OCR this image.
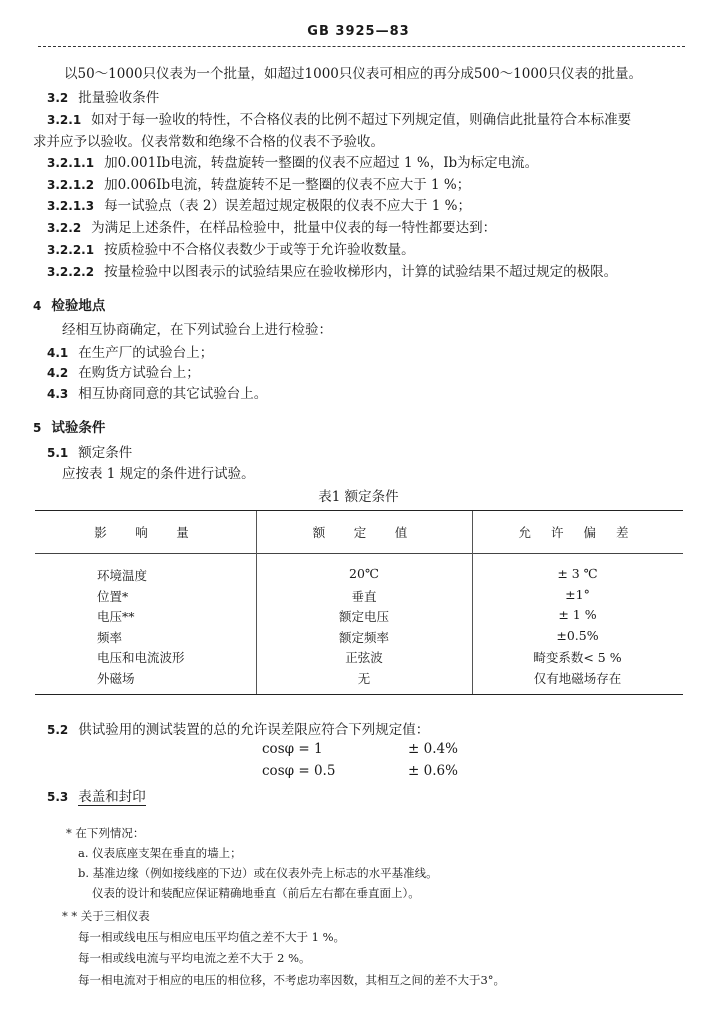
GB 3925—83
以50～1000只仪表为一个批量，如超过1000只仪表可相应的再分成500～1000只仪表的批量。
3.2 批量验收条件
3.2.1 如对于每一验收的特性，不合格仪表的比例不超过下列规定值，则确信此批量符合本标准要
求并应予以验收。仪表常数和绝缘不合格的仪表不予验收。
3.2.1.1 加0.001Ib电流，转盘旋转一整圈的仪表不应超过 1 %，Ib为标定电流。
3.2.1.2 加0.006Ib电流，转盘旋转不足一整圈的仪表不应大于 1 %；
3.2.1.3 每一试验点（表 2）误差超过规定极限的仪表不应大于 1 %；
3.2.2 为满足上述条件，在样品检验中，批量中仪表的每一特性都要达到：
3.2.2.1 按质检验中不合格仪表数少于或等于允许验收数量。
3.2.2.2 按量检验中以图表示的试验结果应在验收梯形内，计算的试验结果不超过规定的极限。
4 检验地点
经相互协商确定，在下列试验台上进行检验：
4.1 在生产厂的试验台上；
4.2 在购货方试验台上；
4.3 相互协商同意的其它试验台上。
5 试验条件
5.1 额定条件
应按表 1 规定的条件进行试验。
表1 额定条件
影　响　量	额　定　值	允 许 偏 差
环境温度	20℃	± 3 ℃
位置*	垂直	±1°
电压**	额定电压	± 1 %
频率	额定频率	±0.5%
电压和电流波形	正弦波	畸变系数< 5 %
外磁场	无	仅有地磁场存在
5.2 供试验用的测试装置的总的允许误差限应符合下列规定值：
cosφ = 1	± 0.4%
cosφ = 0.5	± 0.6%
5.3 表盖和封印
* 在下列情况：
a. 仪表底座支架在垂直的墙上；
b. 基准边缘（例如接线座的下边）或在仪表外壳上标志的水平基准线。
仪表的设计和装配应保证精确地垂直（前后左右都在垂直面上）。
* * 关于三相仪表
每一相或线电压与相应电压平均值之差不大于 1 %。
每一相或线电流与平均电流之差不大于 2 %。
每一相电流对于相应的电压的相位移，不考虑功率因数，其相互之间的差不大于3°。
